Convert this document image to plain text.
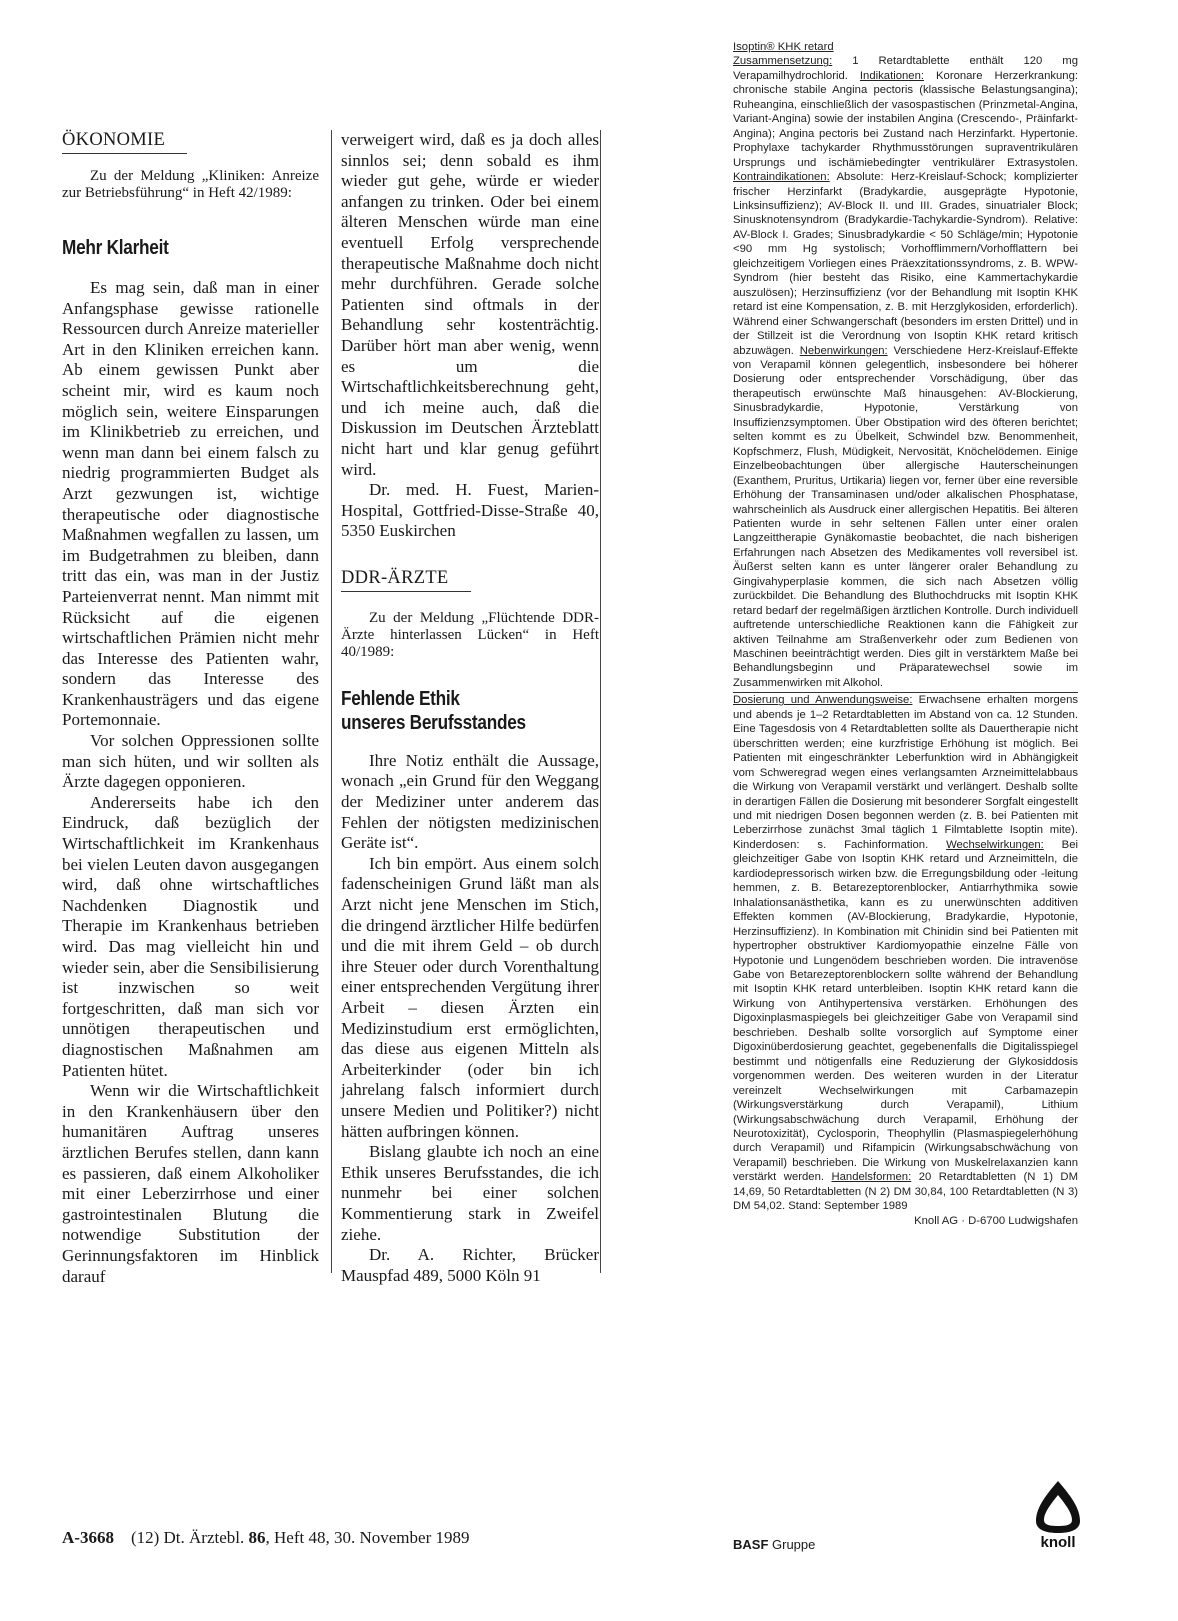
ÖKONOMIE

Zu der Meldung „Kliniken: Anreize zur Betriebsführung“ in Heft 42/1989:

Mehr Klarheit

Es mag sein, daß man in einer Anfangsphase gewisse rationelle Ressourcen durch Anreize materieller Art in den Kliniken erreichen kann. Ab einem gewissen Punkt aber scheint mir, wird es kaum noch möglich sein, weitere Einsparungen im Klinikbetrieb zu erreichen, und wenn man dann bei einem falsch zu niedrig programmierten Budget als Arzt gezwungen ist, wichtige therapeutische oder diagnostische Maßnahmen wegfallen zu lassen, um im Budgetrahmen zu bleiben, dann tritt das ein, was man in der Justiz Parteienverrat nennt. Man nimmt mit Rücksicht auf die eigenen wirtschaftlichen Prämien nicht mehr das Interesse des Patienten wahr, sondern das Interesse des Krankenhausträgers und das eigene Portemonnaie.

Vor solchen Oppressionen sollte man sich hüten, und wir sollten als Ärzte dagegen opponieren.

Andererseits habe ich den Eindruck, daß bezüglich der Wirtschaftlichkeit im Krankenhaus bei vielen Leuten davon ausgegangen wird, daß ohne wirtschaftliches Nachdenken Diagnostik und Therapie im Krankenhaus betrieben wird. Das mag vielleicht hin und wieder sein, aber die Sensibilisierung ist inzwischen so weit fortgeschritten, daß man sich vor unnötigen therapeutischen und diagnostischen Maßnahmen am Patienten hütet.

Wenn wir die Wirtschaftlichkeit in den Krankenhäusern über den humanitären Auftrag unseres ärztlichen Berufes stellen, dann kann es passieren, daß einem Alkoholiker mit einer Leberzirrhose und einer gastrointestinalen Blutung die notwendige Substitution der Gerinnungsfaktoren im Hinblick darauf

verweigert wird, daß es ja doch alles sinnlos sei; denn sobald es ihm wieder gut gehe, würde er wieder anfangen zu trinken. Oder bei einem älteren Menschen würde man eine eventuell Erfolg versprechende therapeutische Maßnahme doch nicht mehr durchführen. Gerade solche Patienten sind oftmals in der Behandlung sehr kostenträchtig. Darüber hört man aber wenig, wenn es um die Wirtschaftlichkeitsberechnung geht, und ich meine auch, daß die Diskussion im Deutschen Ärzteblatt nicht hart und klar genug geführt wird.

Dr. med. H. Fuest, Marien-Hospital, Gottfried-Disse-Straße 40, 5350 Euskirchen

DDR-ÄRZTE

Zu der Meldung „Flüchtende DDR-Ärzte hinterlassen Lücken“ in Heft 40/1989:

Fehlende Ethik
unseres Berufsstandes

Ihre Notiz enthält die Aussage, wonach „ein Grund für den Weggang der Mediziner unter anderem das Fehlen der nötigsten medizinischen Geräte ist“.

Ich bin empört. Aus einem solch fadenscheinigen Grund läßt man als Arzt nicht jene Menschen im Stich, die dringend ärztlicher Hilfe bedürfen und die mit ihrem Geld – ob durch ihre Steuer oder durch Vorenthaltung einer entsprechenden Vergütung ihrer Arbeit – diesen Ärzten ein Medizinstudium erst ermöglichten, das diese aus eigenen Mitteln als Arbeiterkinder (oder bin ich jahrelang falsch informiert durch unsere Medien und Politiker?) nicht hätten aufbringen können.

Bislang glaubte ich noch an eine Ethik unseres Berufsstandes, die ich nunmehr bei einer solchen Kommentierung stark in Zweifel ziehe.

Dr. A. Richter, Brücker Mauspfad 489, 5000 Köln 91

Isoptin® KHK retard
Zusammensetzung: 1 Retardtablette enthält 120 mg Verapamilhydrochlorid. Indikationen: Koronare Herzerkrankung: chronische stabile Angina pectoris (klassische Belastungsangina); Ruheangina, einschließlich der vasospastischen (Prinzmetal-Angina, Variant-Angina) sowie der instabilen Angina (Crescendo-, Präinfarkt-Angina); Angina pectoris bei Zustand nach Herzinfarkt. Hypertonie. Prophylaxe tachykarder Rhythmusstörungen supraventrikulären Ursprungs und ischämiebedingter ventrikulärer Extrasystolen. Kontraindikationen: Absolute: Herz-Kreislauf-Schock; komplizierter frischer Herzinfarkt (Bradykardie, ausgeprägte Hypotonie, Linksinsuffizienz); AV-Block II. und III. Grades, sinuatrialer Block; Sinusknotensyndrom (Bradykardie-Tachykardie-Syndrom). Relative: AV-Block I. Grades; Sinusbradykardie < 50 Schläge/min; Hypotonie <90 mm Hg systolisch; Vorhofflimmern/Vorhofflattern bei gleichzeitigem Vorliegen eines Präexzitationssyndroms, z. B. WPW-Syndrom (hier besteht das Risiko, eine Kammertachykardie auszulösen); Herzinsuffizienz (vor der Behandlung mit Isoptin KHK retard ist eine Kompensation, z. B. mit Herzglykosiden, erforderlich). Während einer Schwangerschaft (besonders im ersten Drittel) und in der Stillzeit ist die Verordnung von Isoptin KHK retard kritisch abzuwägen. Nebenwirkungen: Verschiedene Herz-Kreislauf-Effekte von Verapamil können gelegentlich, insbesondere bei höherer Dosierung oder entsprechender Vorschädigung, über das therapeutisch erwünschte Maß hinausgehen: AV-Blockierung, Sinusbradykardie, Hypotonie, Verstärkung von Insuffizienzsymptomen. Über Obstipation wird des öfteren berichtet; selten kommt es zu Übelkeit, Schwindel bzw. Benommenheit, Kopfschmerz, Flush, Müdigkeit, Nervosität, Knöchelödemen. Einige Einzelbeobachtungen über allergische Hauterscheinungen (Exanthem, Pruritus, Urtikaria) liegen vor, ferner über eine reversible Erhöhung der Transaminasen und/oder alkalischen Phosphatase, wahrscheinlich als Ausdruck einer allergischen Hepatitis. Bei älteren Patienten wurde in sehr seltenen Fällen unter einer oralen Langzeittherapie Gynäkomastie beobachtet, die nach bisherigen Erfahrungen nach Absetzen des Medikamentes voll reversibel ist. Äußerst selten kann es unter längerer oraler Behandlung zu Gingivahyperplasie kommen, die sich nach Absetzen völlig zurückbildet. Die Behandlung des Bluthochdrucks mit Isoptin KHK retard bedarf der regelmäßigen ärztlichen Kontrolle. Durch individuell auftretende unterschiedliche Reaktionen kann die Fähigkeit zur aktiven Teilnahme am Straßenverkehr oder zum Bedienen von Maschinen beeinträchtigt werden. Dies gilt in verstärktem Maße bei Behandlungsbeginn und Präparatewechsel sowie im Zusammenwirken mit Alkohol.

Dosierung und Anwendungsweise: Erwachsene erhalten morgens und abends je 1–2 Retardtabletten im Abstand von ca. 12 Stunden. Eine Tagesdosis von 4 Retardtabletten sollte als Dauertherapie nicht überschritten werden; eine kurzfristige Erhöhung ist möglich. Bei Patienten mit eingeschränkter Leberfunktion wird in Abhängigkeit vom Schweregrad wegen eines verlangsamten Arzneimittelabbaus die Wirkung von Verapamil verstärkt und verlängert. Deshalb sollte in derartigen Fällen die Dosierung mit besonderer Sorgfalt eingestellt und mit niedrigen Dosen begonnen werden (z. B. bei Patienten mit Leberzirrhose zunächst 3mal täglich 1 Filmtablette Isoptin mite). Kinderdosen: s. Fachinformation. Wechselwirkungen: Bei gleichzeitiger Gabe von Isoptin KHK retard und Arzneimitteln, die kardiodepressorisch wirken bzw. die Erregungsbildung oder -leitung hemmen, z. B. Betarezeptorenblocker, Antiarrhythmika sowie Inhalationsanästhetika, kann es zu unerwünschten additiven Effekten kommen (AV-Blockierung, Bradykardie, Hypotonie, Herzinsuffizienz). In Kombination mit Chinidin sind bei Patienten mit hypertropher obstruktiver Kardiomyopathie einzelne Fälle von Hypotonie und Lungenödem beschrieben worden. Die intravenöse Gabe von Betarezeptorenblockern sollte während der Behandlung mit Isoptin KHK retard unterbleiben. Isoptin KHK retard kann die Wirkung von Antihypertensiva verstärken. Erhöhungen des Digoxinplasmaspiegels bei gleichzeitiger Gabe von Verapamil sind beschrieben. Deshalb sollte vorsorglich auf Symptome einer Digoxinüberdosierung geachtet, gegebenenfalls die Digitalisspiegel bestimmt und nötigenfalls eine Reduzierung der Glykosiddosis vorgenommen werden. Des weiteren wurden in der Literatur vereinzelt Wechselwirkungen mit Carbamazepin (Wirkungsverstärkung durch Verapamil), Lithium (Wirkungsabschwächung durch Verapamil, Erhöhung der Neurotoxizität), Cyclosporin, Theophyllin (Plasmaspiegelerhöhung durch Verapamil) und Rifampicin (Wirkungsabschwächung von Verapamil) beschrieben. Die Wirkung von Muskelrelaxanzien kann verstärkt werden. Handelsformen: 20 Retardtabletten (N 1) DM 14,69, 50 Retardtabletten (N 2) DM 30,84, 100 Retardtabletten (N 3) DM 54,02. Stand: September 1989

Knoll AG · D-6700 Ludwigshafen

knoll
A-3668 (12) Dt. Ärztebl. 86, Heft 48, 30. November 1989	BASF Gruppe
